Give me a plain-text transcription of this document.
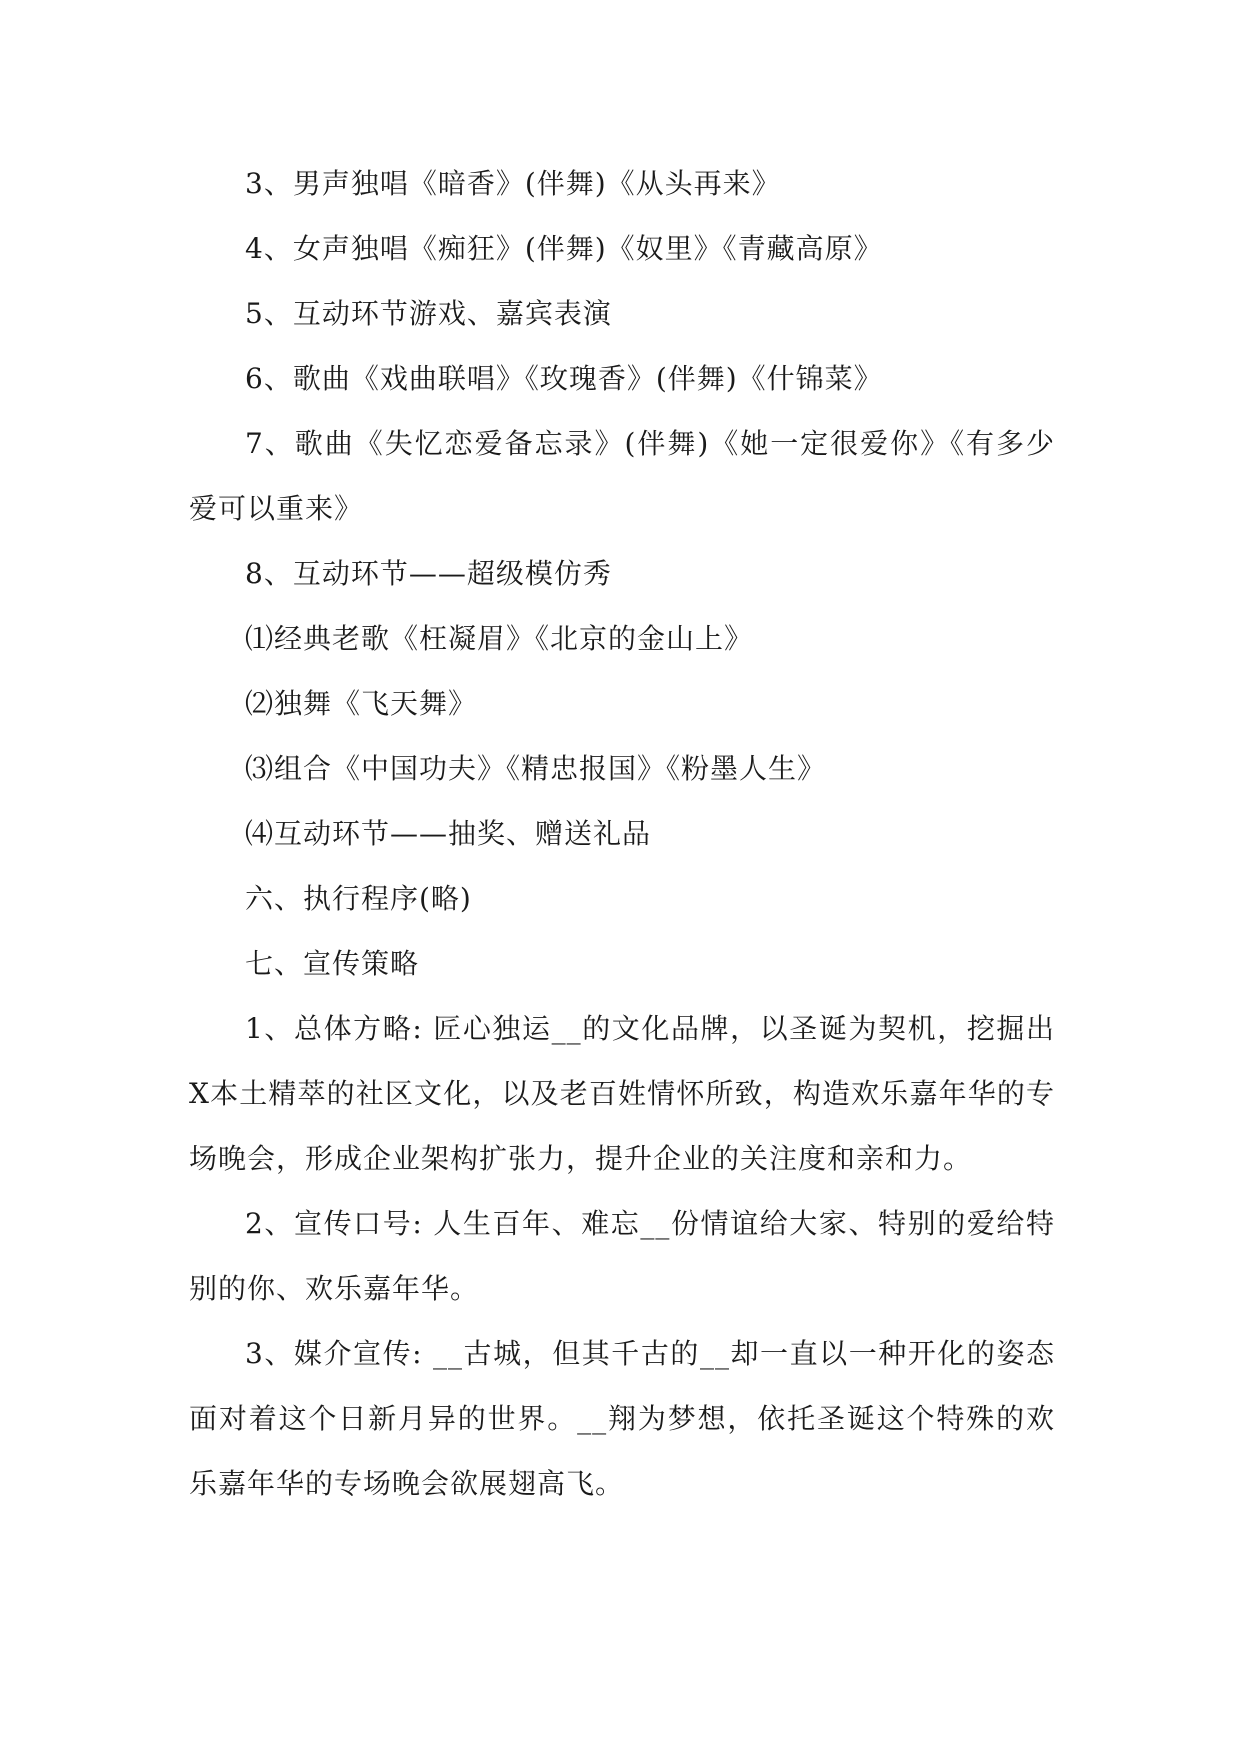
3、男声独唱《暗香》(伴舞)《从头再来》

4、女声独唱《痴狂》(伴舞)《奴里》《青藏高原》

5、互动环节游戏、嘉宾表演

6、歌曲《戏曲联唱》《玫瑰香》(伴舞)《什锦菜》

7、歌曲《失忆恋爱备忘录》(伴舞)《她一定很爱你》《有多少爱可以重来》

8、互动环节——超级模仿秀

⑴经典老歌《枉凝眉》《北京的金山上》

⑵独舞《飞天舞》

⑶组合《中国功夫》《精忠报国》《粉墨人生》

⑷互动环节——抽奖、赠送礼品

六、执行程序(略)

七、宣传策略

1、总体方略: 匠心独运__的文化品牌，以圣诞为契机，挖掘出X本土精萃的社区文化，以及老百姓情怀所致，构造欢乐嘉年华的专场晚会，形成企业架构扩张力，提升企业的关注度和亲和力。

2、宣传口号: 人生百年、难忘__份情谊给大家、特别的爱给特别的你、欢乐嘉年华。

3、媒介宣传: __古城，但其千古的__却一直以一种开化的姿态面对着这个日新月异的世界。__翔为梦想，依托圣诞这个特殊的欢乐嘉年华的专场晚会欲展翅高飞。
